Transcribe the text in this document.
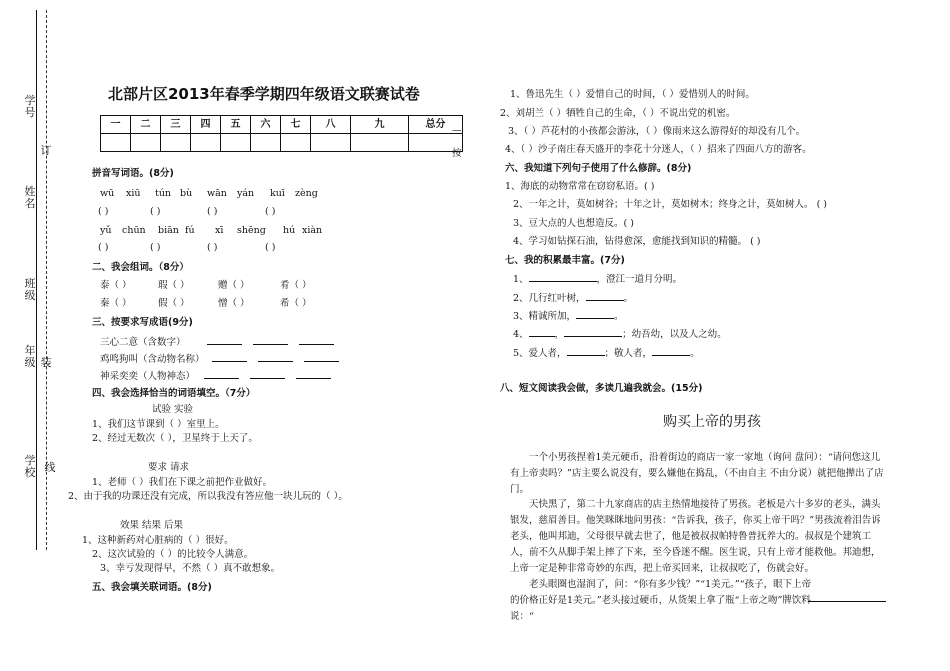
学号
订
姓名
班级
年级 装
学校 线
北部片区2013年春季学期四年级语文联赛试卷
一	二	三	四	五	六	七	八	九	总分

—
按
拼音写词语。(8分)
wū xiū tún bù wān yán kuī zèng
( )	( )	( )	( )
yǔ chūn biān fú xī shēng hú xiàn
( )	( )	( )	( )
二、我会组词。（8分）
泰（ ）	瑕（ ）	赠（ ）	肴（ ）
秦（ ）	假（ ）	憎（ ）	希（ ）
三、按要求写成语(9分)
三心二意（含数字）
鸡鸣狗叫（含动物名称）
神采奕奕（人物神态）
四、我会选择恰当的词语填空。（7分）
试验 实验
1、我们这节课到（ ）室里上。
2、经过无数次（ ），卫星终于上天了。
要求 请求
1、老师（ ）我们在下课之前把作业做好。
2、由于我的功课还没有完成，所以我没有答应他一块儿玩的（ ）。
效果 结果 后果
1、这种新药对心脏病的（ ）很好。
2、这次试验的（ ）的比较令人满意。
3、幸亏发现得早，不然（ ）真不敢想象。
五、我会填关联词语。(8分)
1、鲁迅先生（ ）爱惜自己的时间，（ ）爱惜别人的时间。
2、刘胡兰（ ）牺牲自己的生命，（ ）不说出党的机密。
3、（ ）芦花村的小孩都会游泳，（ ）像雨来这么游得好的却没有几个。
4、（ ）沙子南庄春天盛开的李花十分迷人，（ ）招来了四面八方的游客。
六、我知道下列句子使用了什么修辞。(8分)
1、海底的动物常常在窃窃私语。( )
2、一年之计，莫如树谷；十年之计，莫如树木；终身之计，莫如树人。 ( )
3、豆大点的人也想造反。( )
4、学习如钻探石油，钻得愈深，愈能找到知识的精髓。 ( )
七、我的积累最丰富。(7分)
1、	，澄江一道月分明。
2、几行红叶树，	。
3、精诚所加，	。
4、	，	；幼吾幼，以及人之幼。
5、爱人者，	；敬人者，	。
八、短文阅读我会做，多读几遍我就会。(15分)
购买上帝的男孩
一个小男孩捏着1美元硬币，沿着街边的商店一家一家地（询问 盘问）：“请问您这儿有上帝卖吗？”店主要么说没有，要么嫌他在捣乱，（不由自主 不由分说）就把他撵出了店门。
天快黑了，第二十九家商店的店主热情地接待了男孩。老板是六十多岁的老头，满头银发，慈眉善目。他笑眯眯地问男孩：“告诉我，孩子，你买上帝干吗？”男孩流着泪告诉老头，他叫邦迪，父母很早就去世了，他是被叔叔帕特鲁普抚养大的。叔叔是个建筑工人，前不久从脚手架上摔了下来，至今昏迷不醒。医生说，只有上帝才能救他。邦迪想，上帝一定是种非常奇妙的东西，把上帝买回来，让叔叔吃了，伤就会好。
老头眼圈也湿润了，问：“你有多少钱？”“1美元。”“孩子，眼下上帝的价格正好是1美元。”老头接过硬币，从货架上拿了瓶“上帝之吻”牌饮料说：“
